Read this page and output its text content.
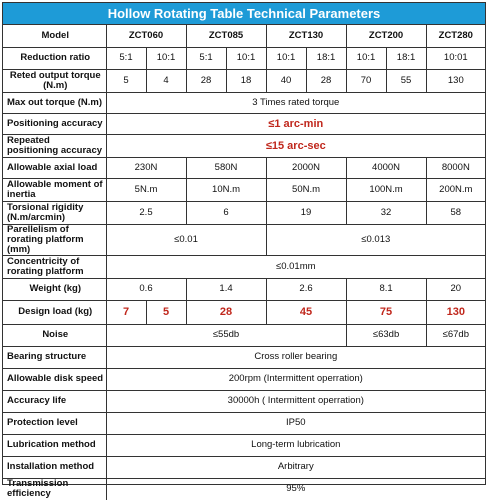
Hollow Rotating Table Technical Parameters
Model	ZCT060		ZCT085		ZCT130		ZCT200		ZCT280
Reduction ratio	5:1	10:1	5:1	10:1	10:1	18:1	10:1	18:1	10:01
Reted output torque (N.m)	5	4	28	18	40	28	70	55	130
Max out torque (N.m)	3 Times rated torque								
Positioning accuracy	≤1 arc-min								
Repeated positioning accuracy	≤15 arc-sec								
Allowable axial load	230N		580N		2000N		4000N		8000N
Allowable moment of inertia	5N.m		10N.m		50N.m		100N.m		200N.m
Torsional rigidity (N.m/arcmin)	2.5		6		19		32		58
Parellelism of rorating platform (mm)	≤0.01				≤0.013				
Concentricity of rorating platform	≤0.01mm								
Weight (kg)	0.6		1.4		2.6		8.1		20
Design load (kg)	7	5	28		45		75		130
Noise	≤55db						≤63db		≤67db
Bearing structure	Cross roller bearing								
Allowable disk speed	200rpm (Intermittent operration)								
Accuracy life	30000h ( Intermittent operration)								
Protection level	IP50								
Lubrication method	Long-term lubrication								
Installation method	Arbitrary								
Transmission efficiency	95%								
